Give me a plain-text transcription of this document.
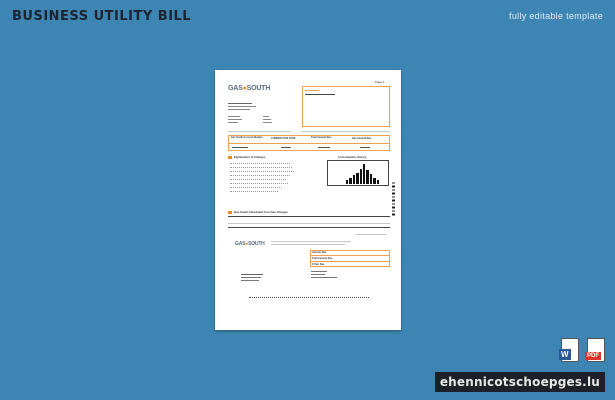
BUSINESS UTILITY BILL	fully editable template
Page 1
GAS●SOUTH
Gas South Account Number	CURRENT DUE DATE	Total Amount Due	Gas Amount Due
Explanation of Charges	Consumption History
Gas South Calculated Your Gas Charges
GAS●SOUTH
Amount Due
Total Amount Due
If Past Due
W	PDF
ehennicotschoepges.lu
